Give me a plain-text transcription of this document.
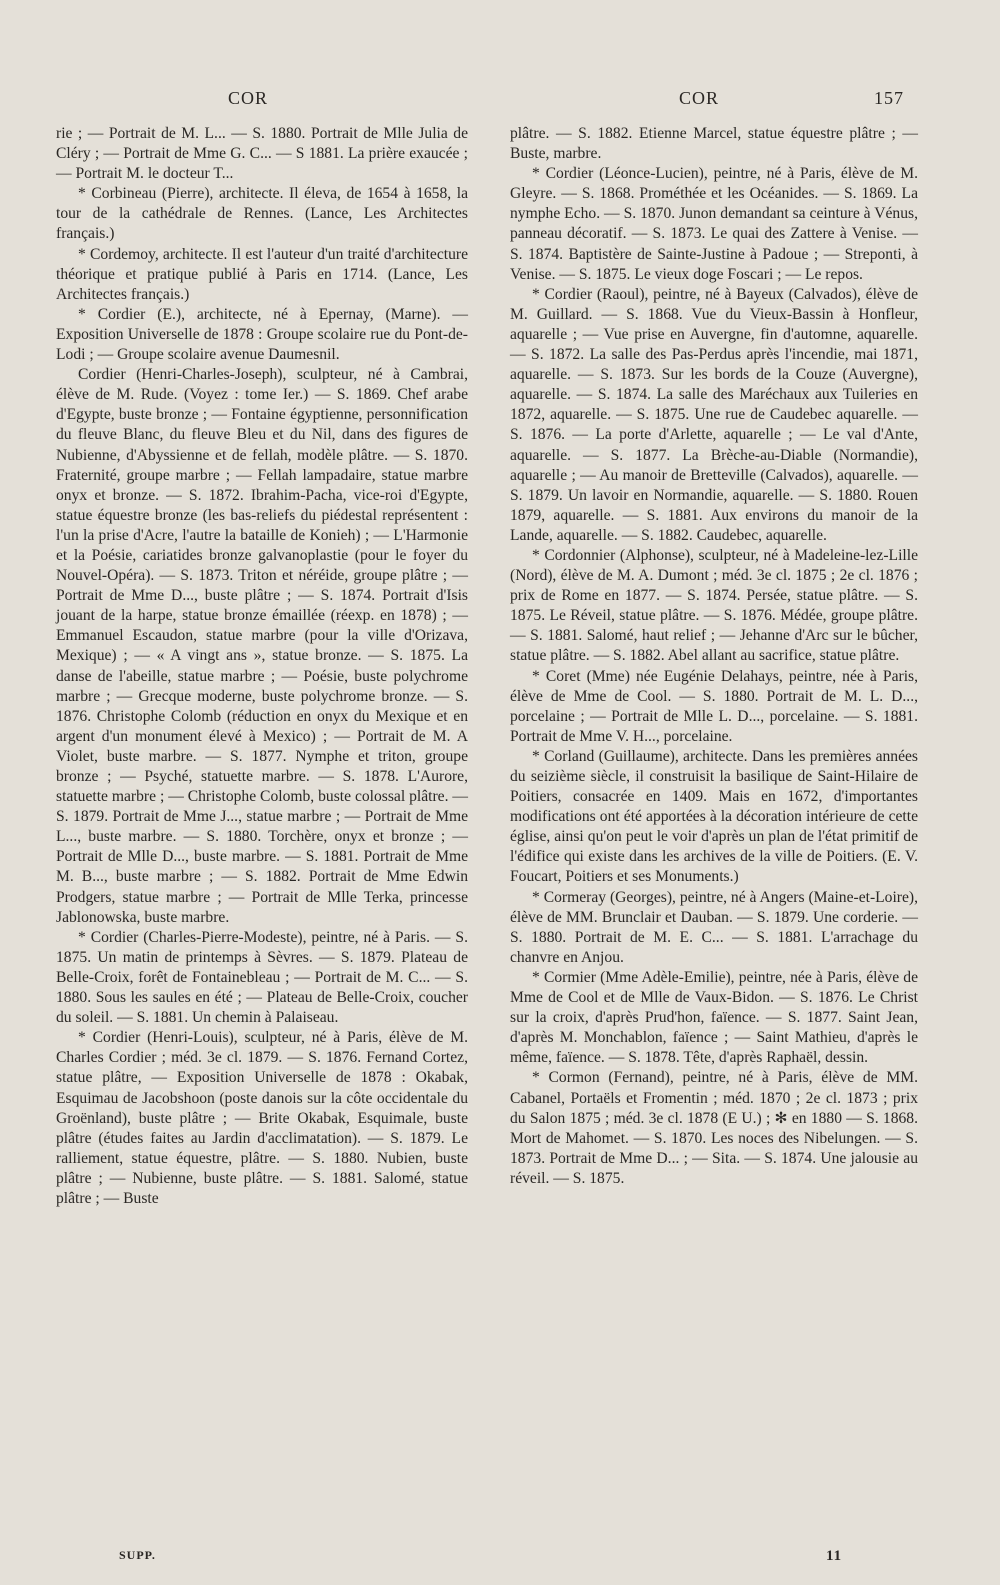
COR	COR	157

rie ; — Portrait de M. L... — S. 1880. Portrait de Mlle Julia de Cléry ; — Portrait de Mme G. C... — S 1881. La prière exaucée ; — Portrait M. le docteur T...

* Corbineau (Pierre), architecte. Il éleva, de 1654 à 1658, la tour de la cathédrale de Rennes. (Lance, Les Architectes français.)

* Cordemoy, architecte. Il est l'auteur d'un traité d'architecture théorique et pratique publié à Paris en 1714. (Lance, Les Architectes français.)

* Cordier (E.), architecte, né à Epernay, (Marne). — Exposition Universelle de 1878 : Groupe scolaire rue du Pont-de-Lodi ; — Groupe scolaire avenue Daumesnil.

Cordier (Henri-Charles-Joseph), sculpteur, né à Cambrai, élève de M. Rude. (Voyez : tome Ier.) — S. 1869. Chef arabe d'Egypte, buste bronze ; — Fontaine égyptienne, personnification du fleuve Blanc, du fleuve Bleu et du Nil, dans des figures de Nubienne, d'Abyssienne et de fellah, modèle plâtre. — S. 1870. Fraternité, groupe marbre ; — Fellah lampadaire, statue marbre onyx et bronze. — S. 1872. Ibrahim-Pacha, vice-roi d'Egypte, statue équestre bronze (les bas-reliefs du piédestal représentent : l'un la prise d'Acre, l'autre la bataille de Konieh) ; — L'Harmonie et la Poésie, cariatides bronze galvanoplastie (pour le foyer du Nouvel-Opéra). — S. 1873. Triton et néréide, groupe plâtre ; — Portrait de Mme D..., buste plâtre ; — S. 1874. Portrait d'Isis jouant de la harpe, statue bronze émaillée (réexp. en 1878) ; — Emmanuel Escaudon, statue marbre (pour la ville d'Orizava, Mexique) ; — « A vingt ans », statue bronze. — S. 1875. La danse de l'abeille, statue marbre ; — Poésie, buste polychrome marbre ; — Grecque moderne, buste polychrome bronze. — S. 1876. Christophe Colomb (réduction en onyx du Mexique et en argent d'un monument élevé à Mexico) ; — Portrait de M. A Violet, buste marbre. — S. 1877. Nymphe et triton, groupe bronze ; — Psyché, statuette marbre. — S. 1878. L'Aurore, statuette marbre ; — Christophe Colomb, buste colossal plâtre. — S. 1879. Portrait de Mme J..., statue marbre ; — Portrait de Mme L..., buste marbre. — S. 1880. Torchère, onyx et bronze ; — Portrait de Mlle D..., buste marbre. — S. 1881. Portrait de Mme M. B..., buste marbre ; — S. 1882. Portrait de Mme Edwin Prodgers, statue marbre ; — Portrait de Mlle Terka, princesse Jablonowska, buste marbre.

* Cordier (Charles-Pierre-Modeste), peintre, né à Paris. — S. 1875. Un matin de printemps à Sèvres. — S. 1879. Plateau de Belle-Croix, forêt de Fontainebleau ; — Portrait de M. C... — S. 1880. Sous les saules en été ; — Plateau de Belle-Croix, coucher du soleil. — S. 1881. Un chemin à Palaiseau.

* Cordier (Henri-Louis), sculpteur, né à Paris, élève de M. Charles Cordier ; méd. 3e cl. 1879. — S. 1876. Fernand Cortez, statue plâtre, — Exposition Universelle de 1878 : Okabak, Esquimau de Jacobshoon (poste danois sur la côte occidentale du Groënland), buste plâtre ; — Brite Okabak, Esquimale, buste plâtre (études faites au Jardin d'acclimatation). — S. 1879. Le ralliement, statue équestre, plâtre. — S. 1880. Nubien, buste plâtre ; — Nubienne, buste plâtre. — S. 1881. Salomé, statue plâtre ; — Buste

plâtre. — S. 1882. Etienne Marcel, statue équestre plâtre ; — Buste, marbre.

* Cordier (Léonce-Lucien), peintre, né à Paris, élève de M. Gleyre. — S. 1868. Prométhée et les Océanides. — S. 1869. La nymphe Echo. — S. 1870. Junon demandant sa ceinture à Vénus, panneau décoratif. — S. 1873. Le quai des Zattere à Venise. — S. 1874. Baptistère de Sainte-Justine à Padoue ; — Streponti, à Venise. — S. 1875. Le vieux doge Foscari ; — Le repos.

* Cordier (Raoul), peintre, né à Bayeux (Calvados), élève de M. Guillard. — S. 1868. Vue du Vieux-Bassin à Honfleur, aquarelle ; — Vue prise en Auvergne, fin d'automne, aquarelle. — S. 1872. La salle des Pas-Perdus après l'incendie, mai 1871, aquarelle. — S. 1873. Sur les bords de la Couze (Auvergne), aquarelle. — S. 1874. La salle des Maréchaux aux Tuileries en 1872, aquarelle. — S. 1875. Une rue de Caudebec aquarelle. — S. 1876. — La porte d'Arlette, aquarelle ; — Le val d'Ante, aquarelle. — S. 1877. La Brèche-au-Diable (Normandie), aquarelle ; — Au manoir de Bretteville (Calvados), aquarelle. — S. 1879. Un lavoir en Normandie, aquarelle. — S. 1880. Rouen 1879, aquarelle. — S. 1881. Aux environs du manoir de la Lande, aquarelle. — S. 1882. Caudebec, aquarelle.

* Cordonnier (Alphonse), sculpteur, né à Madeleine-lez-Lille (Nord), élève de M. A. Dumont ; méd. 3e cl. 1875 ; 2e cl. 1876 ; prix de Rome en 1877. — S. 1874. Persée, statue plâtre. — S. 1875. Le Réveil, statue plâtre. — S. 1876. Médée, groupe plâtre. — S. 1881. Salomé, haut relief ; — Jehanne d'Arc sur le bûcher, statue plâtre. — S. 1882. Abel allant au sacrifice, statue plâtre.

* Coret (Mme) née Eugénie Delahays, peintre, née à Paris, élève de Mme de Cool. — S. 1880. Portrait de M. L. D..., porcelaine ; — Portrait de Mlle L. D..., porcelaine. — S. 1881. Portrait de Mme V. H..., porcelaine.

* Corland (Guillaume), architecte. Dans les premières années du seizième siècle, il construisit la basilique de Saint-Hilaire de Poitiers, consacrée en 1409. Mais en 1672, d'importantes modifications ont été apportées à la décoration intérieure de cette église, ainsi qu'on peut le voir d'après un plan de l'état primitif de l'édifice qui existe dans les archives de la ville de Poitiers. (E. V. Foucart, Poitiers et ses Monuments.)

* Cormeray (Georges), peintre, né à Angers (Maine-et-Loire), élève de MM. Brunclair et Dauban. — S. 1879. Une corderie. — S. 1880. Portrait de M. E. C... — S. 1881. L'arrachage du chanvre en Anjou.

* Cormier (Mme Adèle-Emilie), peintre, née à Paris, élève de Mme de Cool et de Mlle de Vaux-Bidon. — S. 1876. Le Christ sur la croix, d'après Prud'hon, faïence. — S. 1877. Saint Jean, d'après M. Monchablon, faïence ; — Saint Mathieu, d'après le même, faïence. — S. 1878. Tête, d'après Raphaël, dessin.

* Cormon (Fernand), peintre, né à Paris, élève de MM. Cabanel, Portaëls et Fromentin ; méd. 1870 ; 2e cl. 1873 ; prix du Salon 1875 ; méd. 3e cl. 1878 (E U.) ; ✻ en 1880 — S. 1868. Mort de Mahomet. — S. 1870. Les noces des Nibelungen. — S. 1873. Portrait de Mme D... ; — Sita. — S. 1874. Une jalousie au réveil. — S. 1875.

SUPP.	11
